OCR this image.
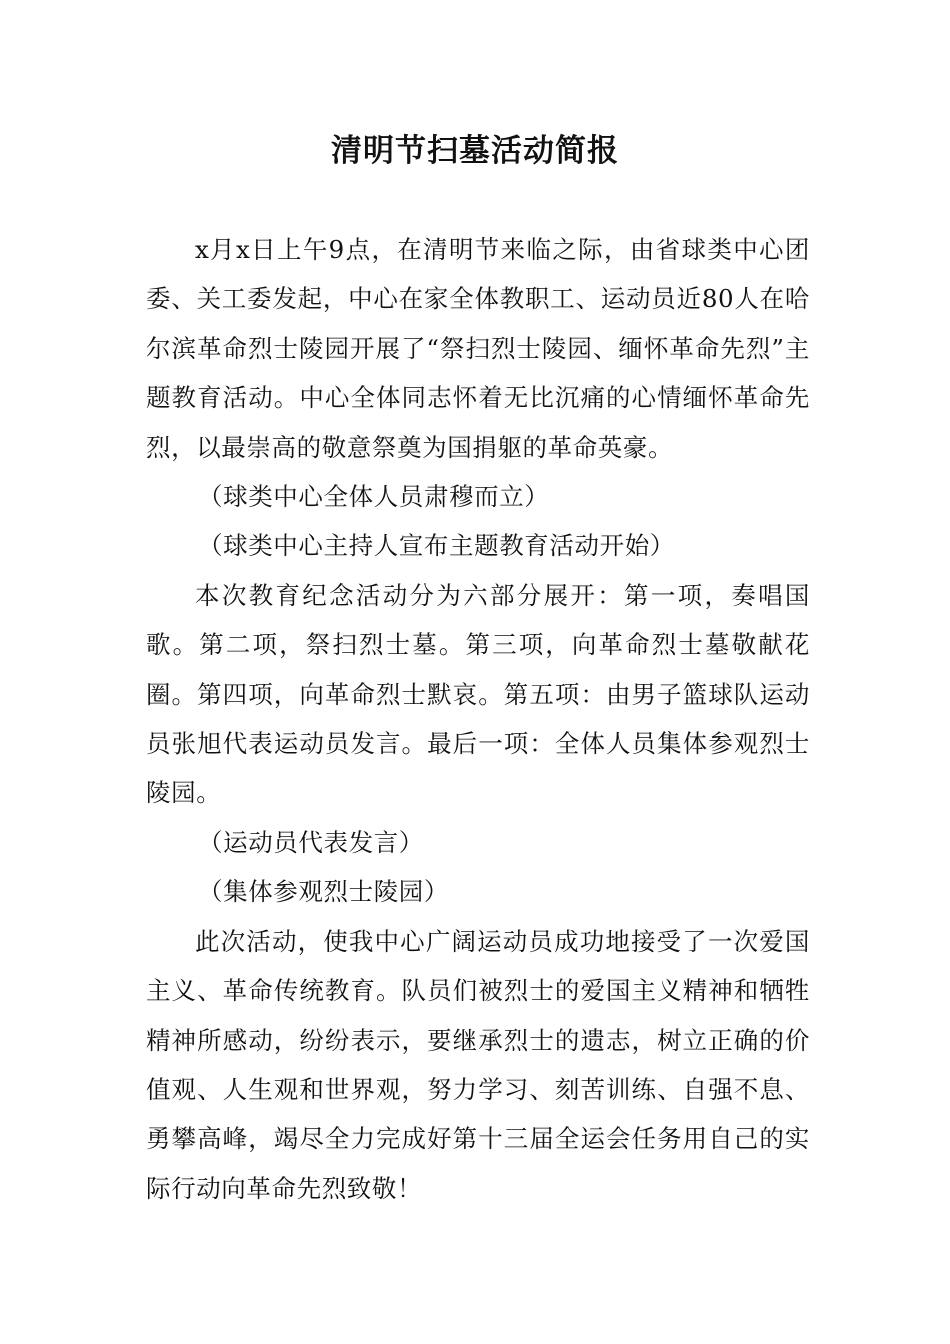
清明节扫墓活动简报

x月x日上午9点，在清明节来临之际，由省球类中心团委、关工委发起，中心在家全体教职工、运动员近80人在哈尔滨革命烈士陵园开展了“祭扫烈士陵园、缅怀革命先烈”主题教育活动。中心全体同志怀着无比沉痛的心情缅怀革命先烈，以最崇高的敬意祭奠为国捐躯的革命英豪。

（球类中心全体人员肃穆而立）

（球类中心主持人宣布主题教育活动开始）

本次教育纪念活动分为六部分展开：第一项，奏唱国歌。第二项，祭扫烈士墓。第三项，向革命烈士墓敬献花圈。第四项，向革命烈士默哀。第五项：由男子篮球队运动员张旭代表运动员发言。最后一项：全体人员集体参观烈士陵园。

（运动员代表发言）

（集体参观烈士陵园）

此次活动，使我中心广阔运动员成功地接受了一次爱国主义、革命传统教育。队员们被烈士的爱国主义精神和牺牲精神所感动，纷纷表示，要继承烈士的遗志，树立正确的价值观、人生观和世界观，努力学习、刻苦训练、自强不息、勇攀高峰，竭尽全力完成好第十三届全运会任务用自己的实际行动向革命先烈致敬！
